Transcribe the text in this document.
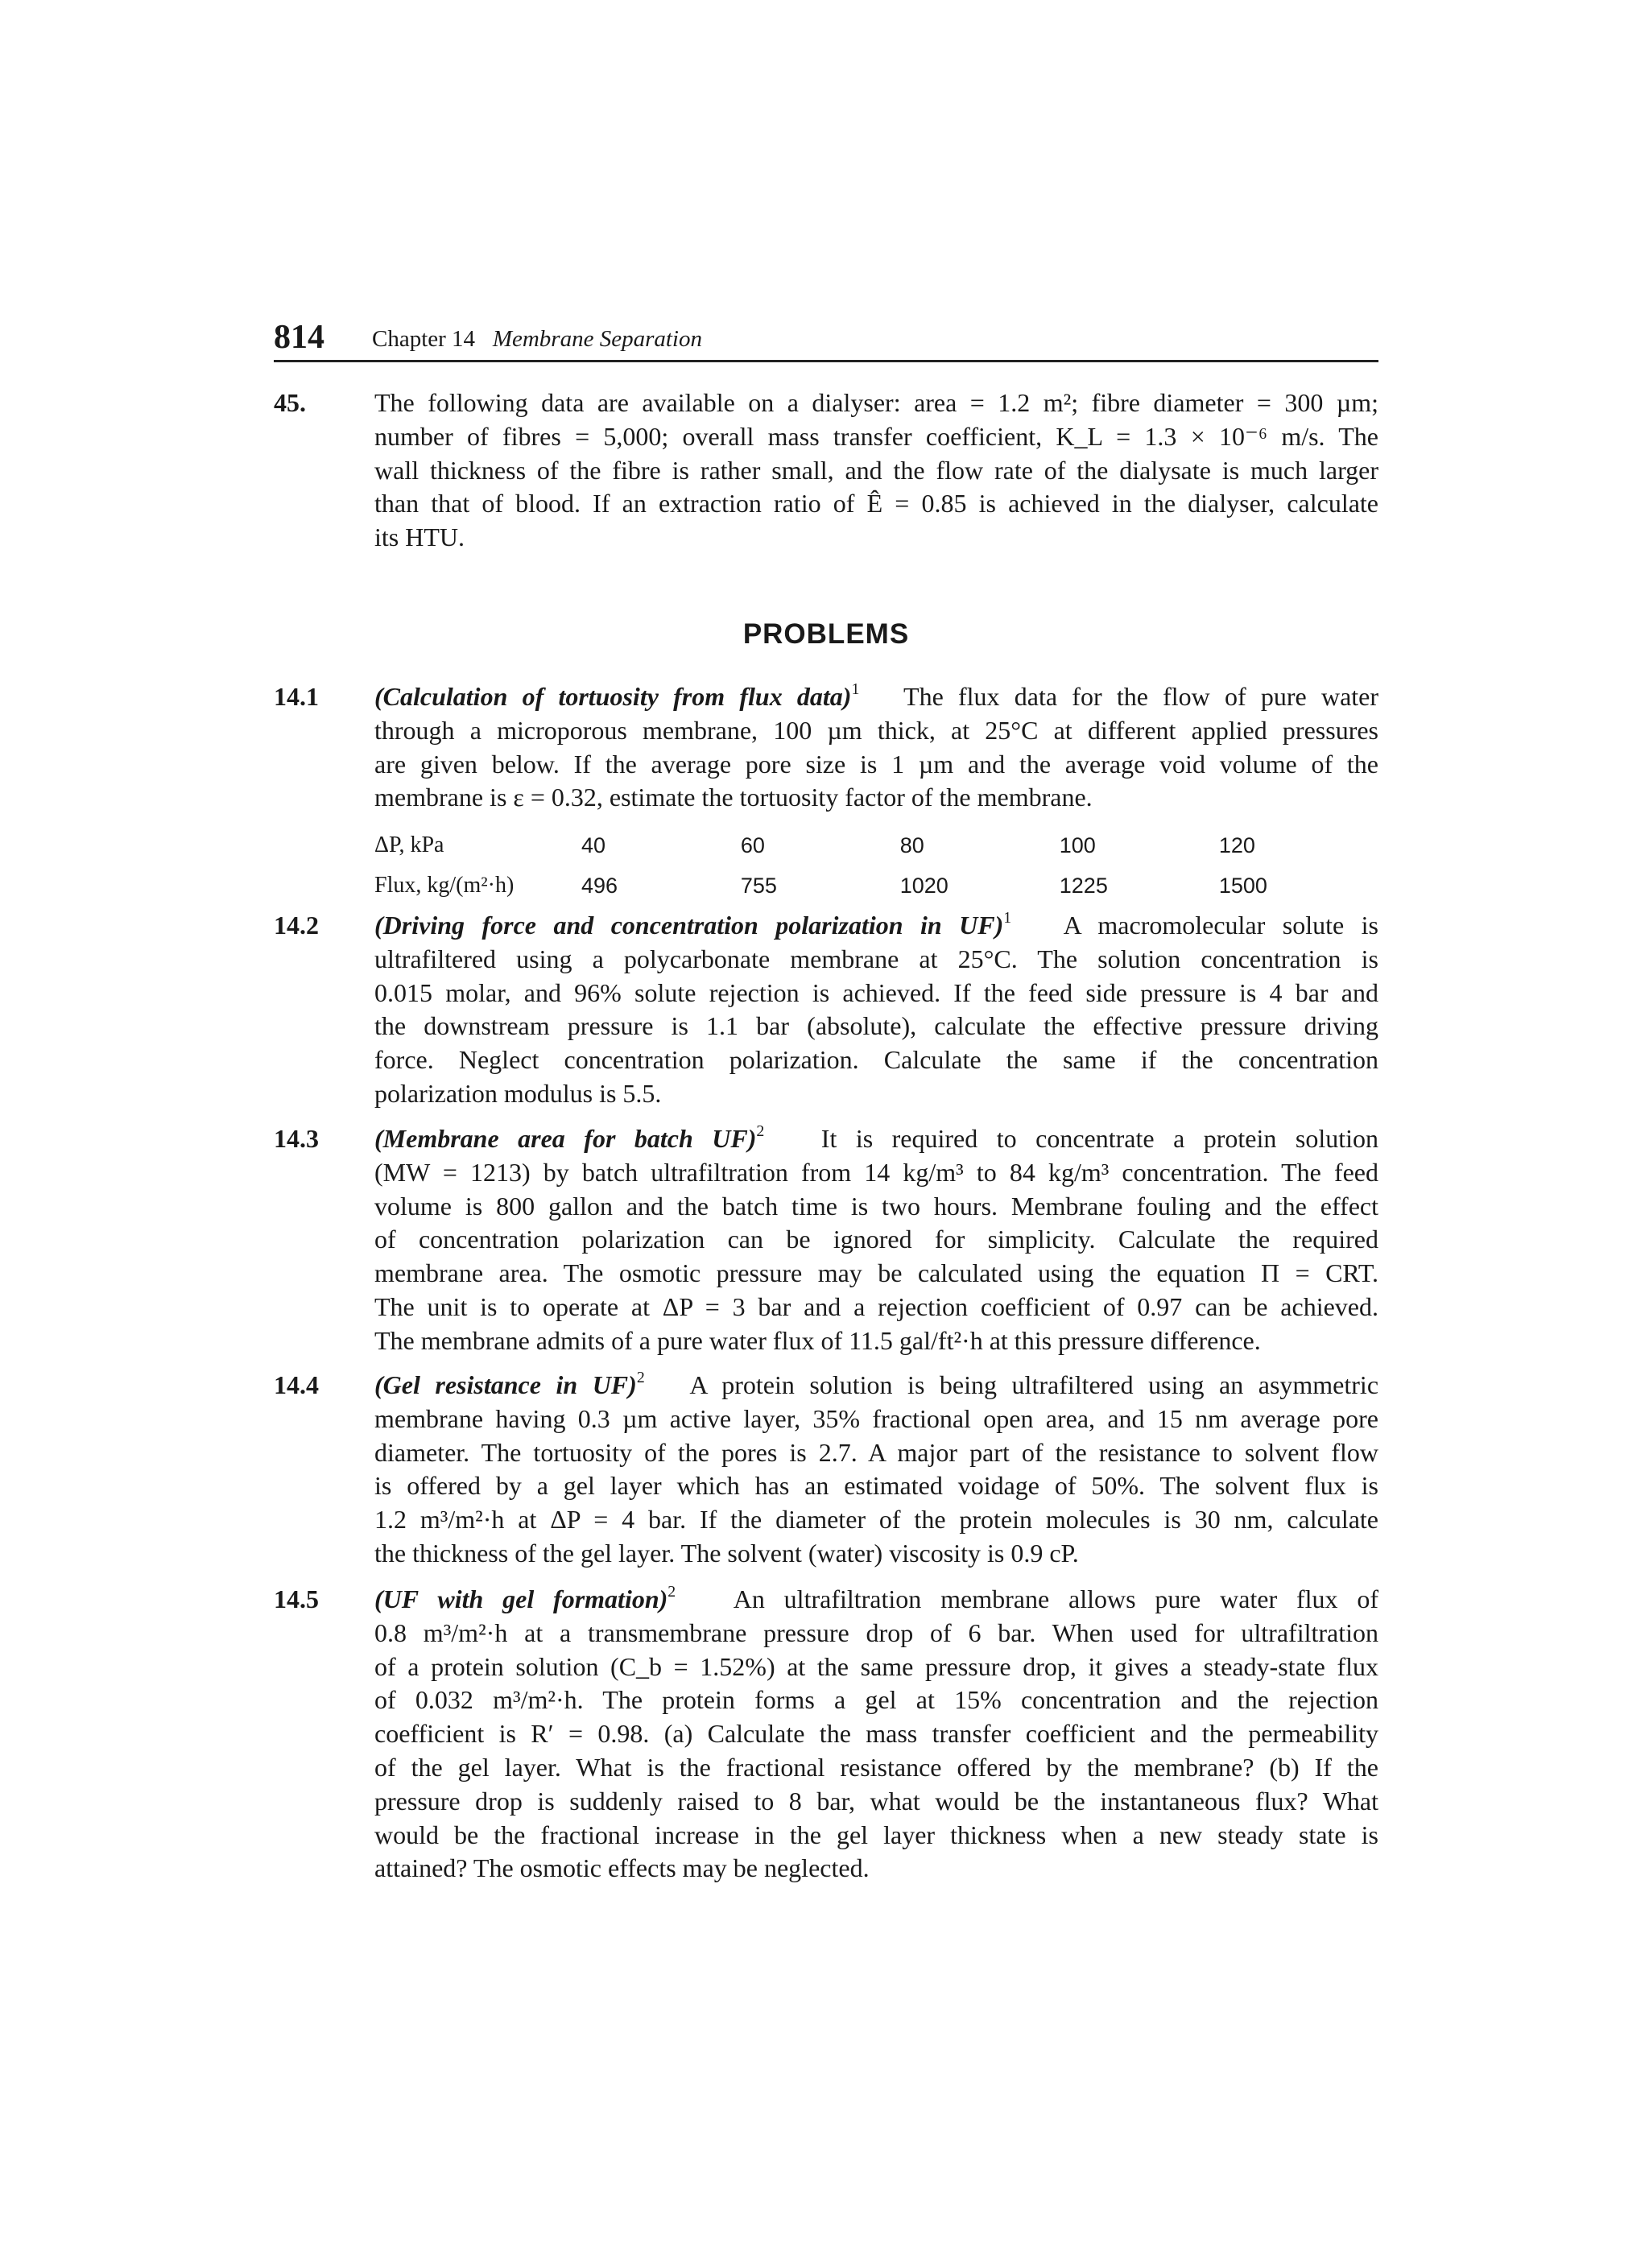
814 Chapter 14 Membrane Separation
45.	The following data are available on a dialyser: area = 1.2 m²; fibre diameter = 300 µm;
number of fibres = 5,000; overall mass transfer coefficient, K_L = 1.3 × 10⁻⁶ m/s. The
wall thickness of the fibre is rather small, and the flow rate of the dialysate is much larger
than that of blood. If an extraction ratio of Ê = 0.85 is achieved in the dialyser, calculate
its HTU.
PROBLEMS
14.1	(Calculation of tortuosity from flux data)$^1$ The flux data for the flow of pure water
through a microporous membrane, 100 µm thick, at 25°C at different applied pressures
are given below. If the average pore size is 1 µm and the average void volume of the
membrane is ε = 0.32, estimate the tortuosity factor of the membrane.
ΔP, kPa	40	60	80	100	120
Flux, kg/(m²·h)	496	755	1020	1225	1500
14.2	(Driving force and concentration polarization in UF)$^1$ A macromolecular solute is
ultrafiltered using a polycarbonate membrane at 25°C. The solution concentration is
0.015 molar, and 96% solute rejection is achieved. If the feed side pressure is 4 bar and
the downstream pressure is 1.1 bar (absolute), calculate the effective pressure driving
force. Neglect concentration polarization. Calculate the same if the concentration
polarization modulus is 5.5.
14.3	(Membrane area for batch UF)$^2$ It is required to concentrate a protein solution
(MW = 1213) by batch ultrafiltration from 14 kg/m³ to 84 kg/m³ concentration. The feed
volume is 800 gallon and the batch time is two hours. Membrane fouling and the effect
of concentration polarization can be ignored for simplicity. Calculate the required
membrane area. The osmotic pressure may be calculated using the equation Π = CRT.
The unit is to operate at ΔP = 3 bar and a rejection coefficient of 0.97 can be achieved.
The membrane admits of a pure water flux of 11.5 gal/ft²·h at this pressure difference.
14.4	(Gel resistance in UF)$^2$ A protein solution is being ultrafiltered using an asymmetric
membrane having 0.3 µm active layer, 35% fractional open area, and 15 nm average pore
diameter. The tortuosity of the pores is 2.7. A major part of the resistance to solvent flow
is offered by a gel layer which has an estimated voidage of 50%. The solvent flux is
1.2 m³/m²·h at ΔP = 4 bar. If the diameter of the protein molecules is 30 nm, calculate
the thickness of the gel layer. The solvent (water) viscosity is 0.9 cP.
14.5	(UF with gel formation)$^2$ An ultrafiltration membrane allows pure water flux of
0.8 m³/m²·h at a transmembrane pressure drop of 6 bar. When used for ultrafiltration
of a protein solution (C_b = 1.52%) at the same pressure drop, it gives a steady-state flux
of 0.032 m³/m²·h. The protein forms a gel at 15% concentration and the rejection
coefficient is R′ = 0.98. (a) Calculate the mass transfer coefficient and the permeability
of the gel layer. What is the fractional resistance offered by the membrane? (b) If the
pressure drop is suddenly raised to 8 bar, what would be the instantaneous flux? What
would be the fractional increase in the gel layer thickness when a new steady state is
attained? The osmotic effects may be neglected.
